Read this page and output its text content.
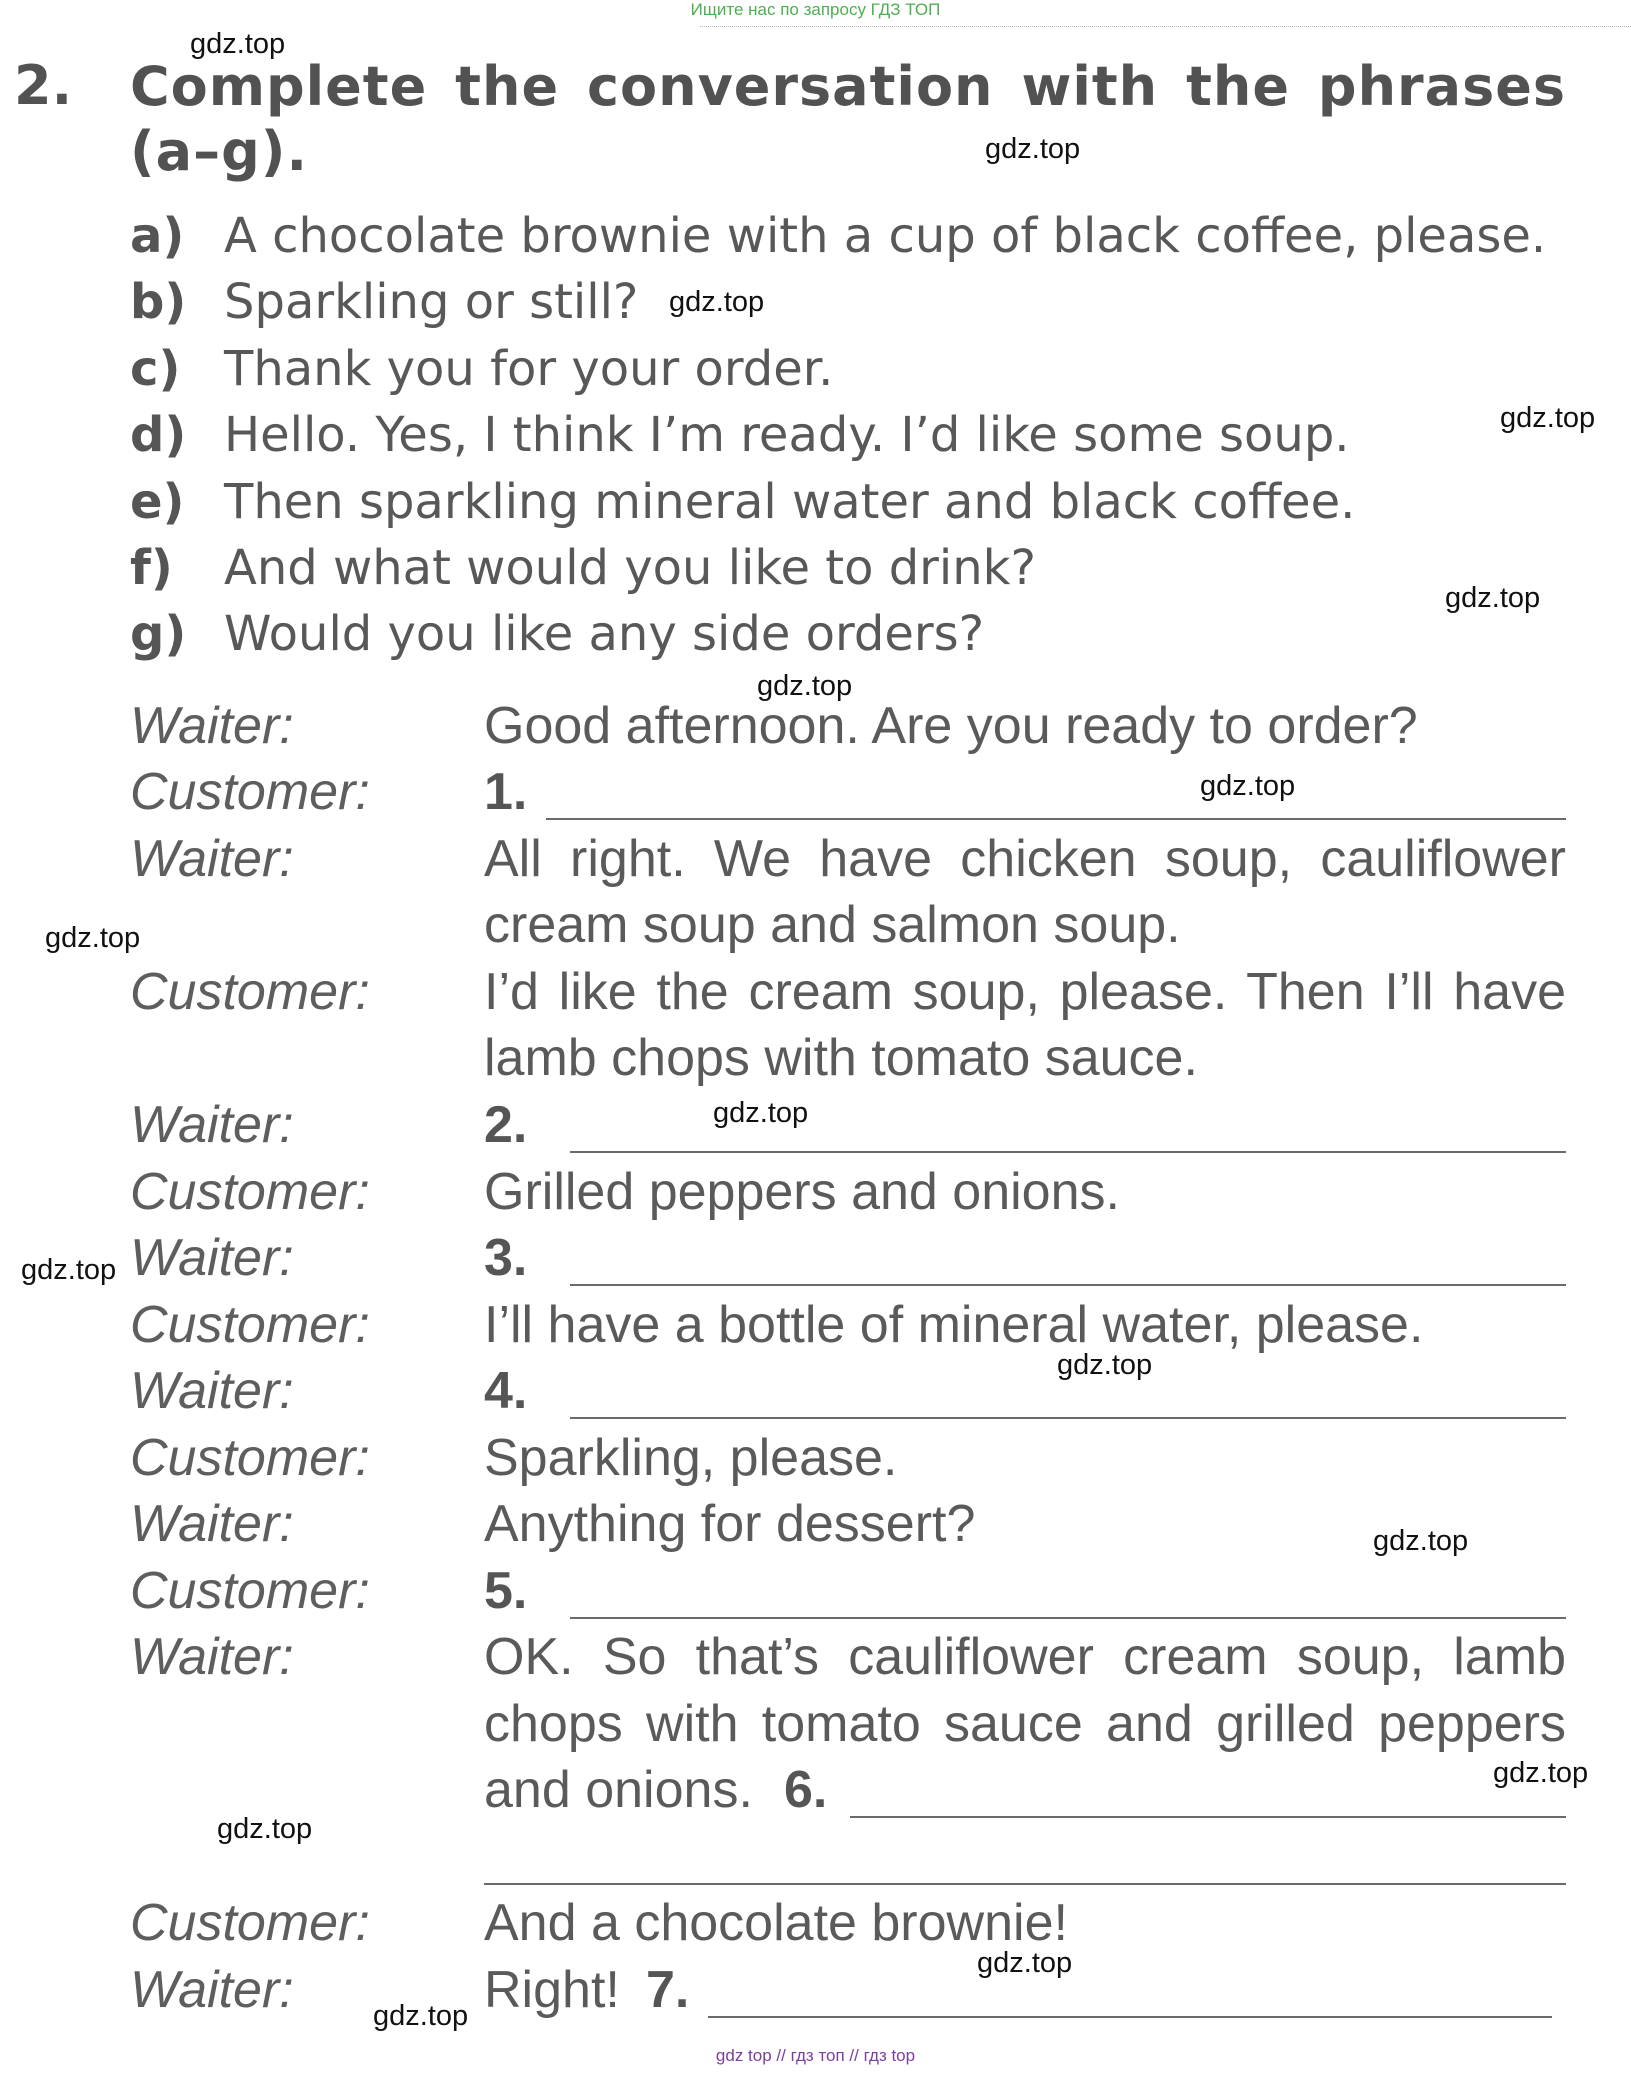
Ищите нас по запросу ГДЗ ТОП
2. Complete the conversation with the phrases
(a–g).
a) A chocolate brownie with a cup of black coffee, please.
b) Sparkling or still?
c) Thank you for your order.
d) Hello. Yes, I think I’m ready. I’d like some soup.
e) Then sparkling mineral water and black coffee.
f) And what would you like to drink?
g) Would you like any side orders?
Waiter:	Good afternoon. Are you ready to order?
Customer: 1.
Waiter:	All right. We have chicken soup, cauliflower
cream soup and salmon soup.
Customer: I’d like the cream soup, please. Then I’ll have
lamb chops with tomato sauce.
Waiter:	2.
Customer: Grilled peppers and onions.
Waiter:	3.
Customer: I’ll have a bottle of mineral water, please.
Waiter:	4.
Customer: Sparkling, please.
Waiter:	Anything for dessert?
Customer: 5.
Waiter:	OK. So that’s cauliflower cream soup, lamb
chops with tomato sauce and grilled peppers
and onions. 6.
Customer: And a chocolate brownie!
Waiter:	Right! 7.
gdz.top
gdz.top
gdz.top
gdz.top
gdz.top
gdz.top
gdz.top
gdz.top
gdz.top
gdz.top
gdz.top
gdz.top
gdz.top
gdz.top
gdz.top
gdz.top
gdz top // гдз топ // гдз top
